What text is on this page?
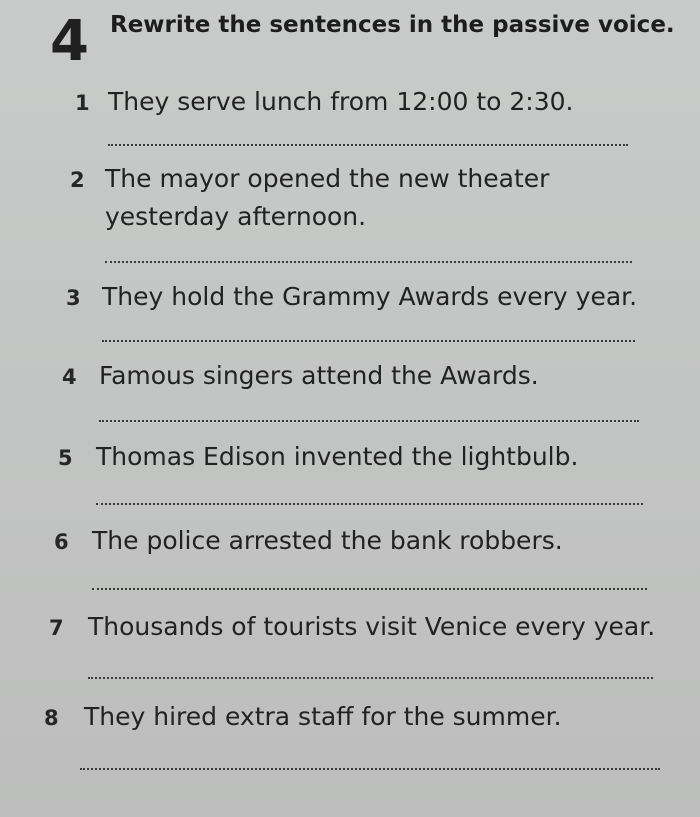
4 Rewrite the sentences in the passive voice.
1 They serve lunch from 12:00 to 2:30.
2 The mayor opened the new theater
yesterday afternoon.
3 They hold the Grammy Awards every year.
4 Famous singers attend the Awards.
5 Thomas Edison invented the lightbulb.
6 The police arrested the bank robbers.
7 Thousands of tourists visit Venice every year.
8 They hired extra staff for the summer.
